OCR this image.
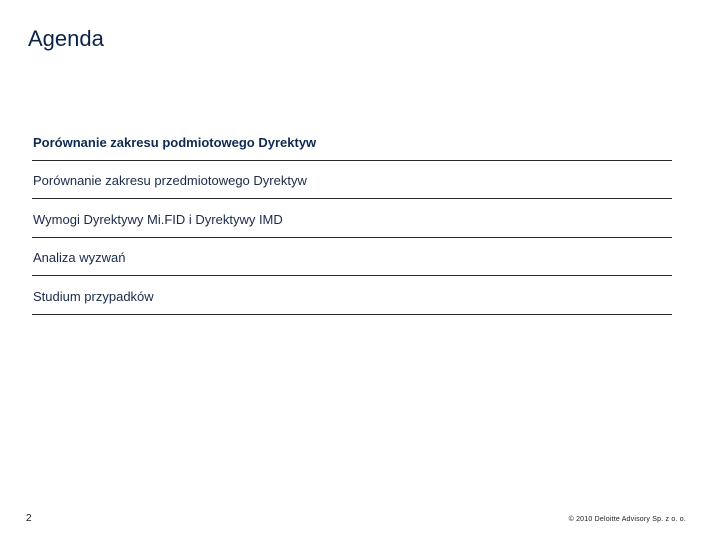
Agenda
Porównanie zakresu podmiotowego Dyrektyw
Porównanie zakresu przedmiotowego Dyrektyw
Wymogi Dyrektywy Mi.FID i Dyrektywy IMD
Analiza wyzwań
Studium przypadków
2	© 2010 Deloitte Advisory Sp. z o. o.
